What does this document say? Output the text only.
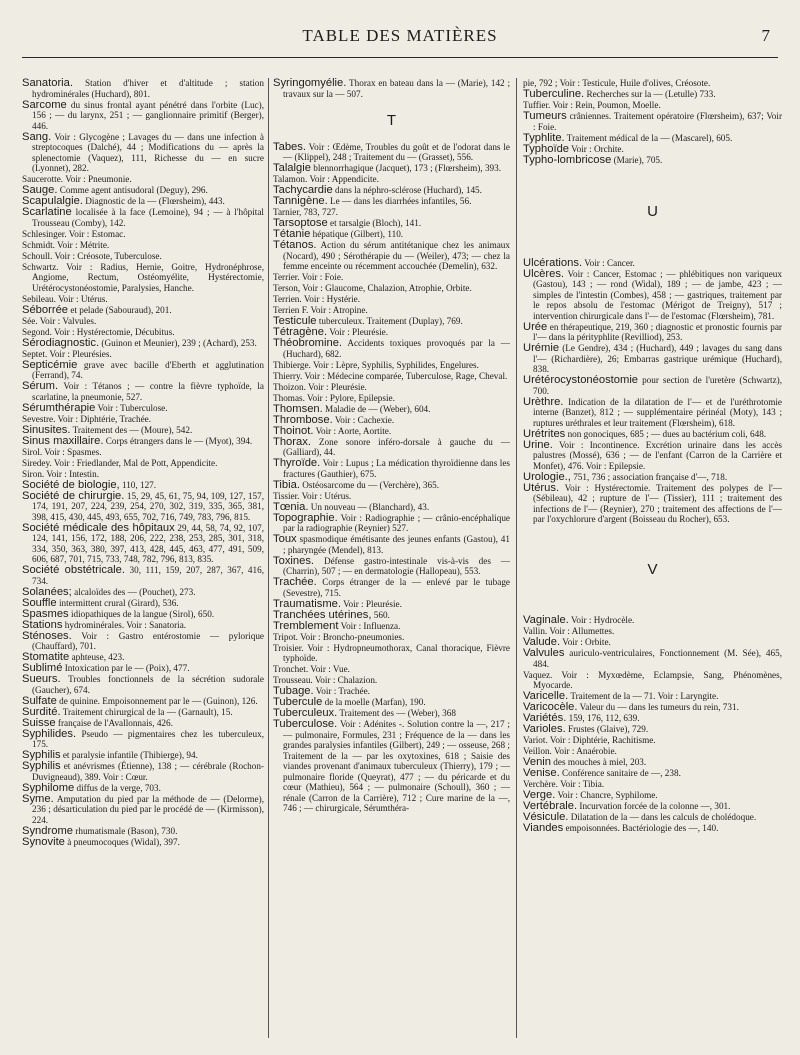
TABLE DES MATIÈRES	7
Sanatoria. Station d'hiver et d'altitude ; station hydrominérales (Huchard), 801.
Sarcome du sinus frontal ayant pénétré dans l'orbite (Luc), 156 ; — du larynx, 251 ; — ganglionnaire primitif (Berger), 446.
Sang. Voir : Glycogène ; Lavages du — dans une infection à streptocoques (Dalché), 44 ; Modifications du — après la splenectomie (Vaquez), 111, Richesse du — en sucre (Lyonnet), 282.
Saucerotte. Voir : Pneumonie.
Sauge. Comme agent antisudoral (Deguy), 296.
Scapulalgie. Diagnostic de la — (Flœrsheim), 443.
Scarlatine localisée à la face (Lemoine), 94 ; — à l'hôpital Trousseau (Comby), 142.
Schlesinger. Voir : Estomac.
Schmidt. Voir : Métrite.
Schoull. Voir : Créosote, Tuberculose.
Schwartz. Voir : Radius, Hernie, Goitre, Hydronéphrose, Angiome, Rectum, Ostéomyélite, Hystérectomie, Urétérocystonéostomie, Paralysies, Hanche.
Sebileau. Voir : Utérus.
Séborrée et pelade (Sabouraud), 201.
Sée. Voir : Valvules.
Segond. Voir : Hystérectomie, Décubitus.
Sérodiagnostic. (Guinon et Meunier), 239 ; (Achard), 253.
Septet. Voir : Pleurésies.
Septicémie grave avec bacille d'Eberth et agglutination (Ferrand), 74.
Sérum. Voir : Tétanos ; — contre la fièvre typhoïde, la scarlatine, la pneumonie, 527.
Sérumthérapie Voir : Tuberculose.
Sevestre. Voir : Diphtérie, Trachée.
Sinusites. Traitement des — (Moure), 542.
Sinus maxillaire. Corps étrangers dans le — (Myot), 394.
Sirol. Voir : Spasmes.
Siredey. Voir : Friedlander, Mal de Pott, Appendicite.
Siron. Voir : Intestin.
Société de biologie, 110, 127.
Société de chirurgie. 15, 29, 45, 61, 75, 94, 109, 127, 157, 174, 191, 207, 224, 239, 254, 270, 302, 319, 335, 365, 381, 398, 415, 430, 445, 493, 655, 702, 716, 749, 783, 796, 815.
Société médicale des hôpitaux 29, 44, 58, 74, 92, 107, 124, 141, 156, 172, 188, 206, 222, 238, 253, 285, 301, 318, 334, 350, 363, 380, 397, 413, 428, 445, 463, 477, 491, 509, 606, 687, 701, 715, 733, 748, 782, 796, 813, 835.
Société obstétricale. 30, 111, 159, 207, 287, 367, 416, 734.
Solanées; alcaloïdes des — (Pouchet), 273.
Souffle intermittent crural (Girard), 536.
Spasmes idiopathiques de la langue (Sirol), 650.
Stations hydrominérales. Voir : Sanatoria.
Sténoses. Voir : Gastro entérostomie — pylorique (Chauffard), 701.
Stomatite aphteuse, 423.
Sublimé Intoxication par le — (Poix), 477.
Sueurs. Troubles fonctionnels de la sécrétion sudorale (Gaucher), 674.
Sulfate de quinine. Empoisonnement par le — (Guinon), 126.
Surdité. Traitement chirurgical de la — (Garnault), 15.
Suisse française de l'Avallonnais, 426.
Syphilides. Pseudo — pigmentaires chez les tuberculeux, 175.
Syphilis et paralysie infantile (Thibierge), 94.
Syphilis et anévrismes (Étienne), 138 ; — cérébrale (Rochon-Duvigneaud), 389. Voir : Cœur.
Syphilome diffus de la verge, 703.
Syme. Amputation du pied par la méthode de — (Delorme), 236 ; désarticulation du pied par le procédé de — (Kirmisson), 224.
Syndrome rhumatismale (Bason), 730.
Synovite à pneumocoques (Widal), 397.
Syringomyélie. Thorax en bateau dans la — (Marie), 142 ; travaux sur la — 507.
T
Tabes. Voir : Œdème, Troubles du goût et de l'odorat dans le — (Klippel), 248 ; Traitement du — (Grasset), 556.
Talalgie blennorrhagique (Jacquet), 173 ; (Flœrsheim), 393.
Talamon. Voir : Appendicite.
Tachycardie dans la néphro-sclérose (Huchard), 145.
Tannigène. Le — dans les diarrhées infantiles, 56.
Tarnier, 783, 727.
Tarsoptose et tarsalgie (Bloch), 141.
Tétanie hépatique (Gilbert), 110.
Tétanos. Action du sérum antitétanique chez les animaux (Nocard), 490 ; Sérothérapie du — (Weiler), 473; — chez la femme enceinte ou récemment accouchée (Demelin), 632.
Terrier. Voir : Foie.
Terson, Voir : Glaucome, Chalazion, Atrophie, Orbite.
Terrien. Voir : Hystérie.
Terrien F. Voir : Atropine.
Testicule tuberculeux. Traitement (Duplay), 769.
Tétragène. Voir : Pleurésie.
Théobromine. Accidents toxiques provoqués par la — (Huchard), 682.
Thibierge. Voir : Lèpre, Syphilis, Syphilides, Engelures.
Thierry. Voir : Médecine comparée, Tuberculose, Rage, Cheval.
Thoizon. Voir : Pleurésie.
Thomas. Voir : Pylore, Epilepsie.
Thomsen. Maladie de — (Weber), 604.
Thrombose. Voir : Cachexie.
Thoinot. Voir : Aorte, Aortite.
Thorax. Zone sonore inféro-dorsale à gauche du — (Galliard), 44.
Thyroïde. Voir : Lupus ; La médication thyroïdienne dans les fractures (Gauthier), 675.
Tibia. Ostéosarcome du — (Verchère), 365.
Tissier. Voir : Utérus.
Tœnia. Un nouveau — (Blanchard), 43.
Topographie. Voir : Radiographie ; — crânio-encéphalique par la radiographie (Reynier) 527.
Toux spasmodique émétisante des jeunes enfants (Gastou), 41 ; pharyngée (Mendel), 813.
Toxines. Défense gastro-intestinale vis-à-vis des — (Charrin), 507 ; — en dermatologie (Hallopeau), 553.
Trachée. Corps étranger de la — enlevé par le tubage (Sevestre), 715.
Traumatisme. Voir : Pleurésie.
Tranchées utérines, 560.
Tremblement Voir : Influenza.
Tripot. Voir : Broncho-pneumonies.
Troisier. Voir : Hydropneumothorax, Canal thoracique, Fièvre typhoïde.
Tronchet. Voir : Vue.
Trousseau. Voir : Chalazion.
Tubage. Voir : Trachée.
Tubercule de la moelle (Marfan), 190.
Tuberculeux. Traitement des — (Weber), 368
Tuberculose. Voir : Adénites -. Solution contre la —, 217 ; — pulmonaire, Formules, 231 ; Fréquence de la — dans les grandes paralysies infantiles (Gilbert), 249 ; — osseuse, 268 ; Traitement de la — par les oxytoxines, 618 ; Saisie des viandes provenant d'animaux tuberculeux (Thierry), 179 ; — pulmonaire floride (Queyrat), 477 ; — du péricarde et du cœur (Mathieu), 564 ; — pulmonaire (Schoull), 360 ; — rénale (Carron de la Carrière), 712 ; Cure marine de la —, 746 ; — chirurgicale, Sérumthéra-
pie, 792 ; Voir : Testicule, Huile d'olives, Créosote.
Tuberculine. Recherches sur la — (Letulle) 733.
Tuffier. Voir : Rein, Poumon, Moelle.
Tumeurs crâniennes. Traitement opératoire (Flœrsheim), 637; Voir : Foie.
Typhlite. Traitement médical de la — (Mascarel), 605.
Typhoïde Voir : Orchite.
Typho-lombricose (Marie), 705.
U
Ulcérations. Voir : Cancer.
Ulcères. Voir : Cancer, Estomac ; — phlébitiques non variqueux (Gastou), 143 ; — rond (Widal), 189 ; — de jambe, 423 ; — simples de l'intestin (Combes), 458 ; — gastriques, traitement par le repos absolu de l'estomac (Mérigot de Treigny), 517 ; intervention chirurgicale dans l'— de l'estomac (Flœrsheim), 781.
Urée en thérapeutique, 219, 360 ; diagnostic et pronostic fournis par l'— dans la pérityphlite (Revilliod), 253.
Urémie (Le Gendre), 434 ; (Huchard), 449 ; lavages du sang dans l'— (Richardière), 26; Embarras gastrique urémique (Huchard), 838.
Urétérocystonéostomie pour section de l'uretère (Schwartz), 700.
Urèthre. Indication de la dilatation de l'— et de l'uréthrotomie interne (Banzet), 812 ; — supplémentaire périnéal (Moty), 143 ; ruptures uréthrales et leur traitement (Flœrsheim), 618.
Urétrites non gonociques, 685 ; — dues au bactérium coli, 648.
Urine. Voir : Incontinence. Excrétion urinaire dans les accès palustres (Mossé), 636 ; — de l'enfant (Carron de la Carrière et Monfet), 476. Voir : Epilepsie.
Urologie., 751, 736 ; association française d'—, 718.
Utérus. Voir : Hystérectomie. Traitement des polypes de l'— (Sébileau), 42 ; rupture de l'— (Tissier), 111 ; traitement des infections de l'— (Reynier), 270 ; traitement des affections de l'— par l'oxychlorure d'argent (Boisseau du Rocher), 653.
V
Vaginale. Voir : Hydrocèle.
Vallin. Voir : Allumettes.
Valude. Voir : Orbite.
Valvules auriculo-ventriculaires, Fonctionnement (M. Sée), 465, 484.
Vaquez. Voir : Myxœdème, Eclampsie, Sang, Phénomènes, Myocarde.
Varicelle. Traitement de la — 71. Voir : Laryngite.
Varicocèle. Valeur du — dans les tumeurs du rein, 731.
Variétés. 159, 176, 112, 639.
Varioles. Frustes (Glaive), 729.
Variot. Voir : Diphtérie, Rachitisme.
Veillon. Voir : Anaérobie.
Venin des mouches à miel, 203.
Venise. Conférence sanitaire de —, 238.
Verchère. Voir : Tibia.
Verge. Voir : Chancre, Syphilome.
Vertébrale. Incurvation forcée de la colonne —, 301.
Vésicule. Dilatation de la — dans les calculs de cholédoque.
Viandes empoisonnées. Bactériologie des —, 140.
